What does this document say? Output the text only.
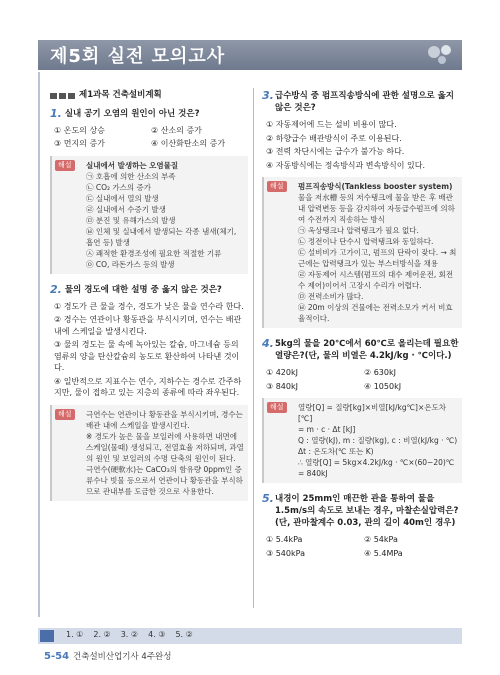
제5회 실전 모의고사
제1과목 건축설비계획
1. 실내 공기 오염의 원인이 아닌 것은?
① 온도의 상승	② 산소의 증가
③ 먼지의 증가	④ 이산화탄소의 증가
해설	실내에서 발생하는 오염물질
㉠ 호흡에 의한 산소의 부족
㉡ CO₂ 가스의 증가
㉢ 실내에서 열의 발생
㉣ 실내에서 수증기 발생
㉤ 분진 및 유해가스의 발생
㉥ 인체 및 실내에서 발생되는 각종 냄새(체기, 흡연 등) 발생
㉦ 쾌적한 환경조성에 필요한 적절한 기류
㉧ CO, 라돈가스 등의 발생
2. 물의 경도에 대한 설명 중 옳지 않은 것은?
① 경도가 큰 물을 경수, 경도가 낮은 물을 연수라 한다.
② 경수는 연관이나 황동관을 부식시키며, 연수는 배관 내에 스케일을 발생시킨다.
③ 물의 경도는 물 속에 녹아있는 칼슘, 마그네슘 등의 염류의 양을 탄산칼슘의 농도로 환산하여 나타낸 것이다.
④ 일반적으로 지표수는 연수, 지하수는 경수로 간주하지만, 물이 접하고 있는 지층의 종류에 따라 좌우된다.
해설	극연수는 연관이나 황동관을 부식시키며, 경수는 배관 내에 스케일을 발생시킨다.
※ 경도가 높은 물을 보일러에 사용하면 내면에 스케일(물때) 생성되고, 전열효율 저하되며, 과열의 원인 및 보일러의 수명 단축의 원인이 된다.
극연수(硬軟水)는 CaCO₃의 함유량 0ppm인 증류수나 빗물 등으로서 연관이나 황동관을 부식하므로 관내부를 도금한 것으로 사용한다.
3. 급수방식 중 펌프직송방식에 관한 설명으로 옳지 않은 것은?
① 자동제어에 드는 설비 비용이 많다.
② 하향급수 배관방식이 주로 이용된다.
③ 전력 차단시에는 급수가 불가능 하다.
④ 자동방식에는 정속방식과 변속방식이 있다.
해설	펌프직송방식(Tankless booster system)
물을 저水槽 등의 저수탱크에 물을 받은 후 배관 내 압력변동 등을 감지하여 자동급수펌프에 의하여 수전까지 직송하는 방식
㉠ 옥상탱크나 압력탱크가 필요 없다.
㉡ 정전이나 단수시 압력탱크와 동일하다.
㉢ 설비비가 고가이고, 펌프의 단락이 잦다. → 최근에는 압력탱크가 있는 부스터방식을 채용
㉣ 자동제어 시스템(펌프의 대수 제어운전, 회전수 제어)이어서 고장시 수리가 어렵다.
㉤ 전력소비가 많다.
㉥ 20m 이상의 건물에는 전력소모가 커서 비효율적이다.
4. 5kg의 물을 20℃에서 60℃로 올리는데 필요한 열량은?(단, 물의 비열은 4.2kJ/kg · ℃이다.)
① 420kJ	② 630kJ
③ 840kJ	④ 1050kJ
해설	열량[Q] = 질량[kg]×비열[kJ/kg℃]×온도차[℃]
= m · c · Δt [kJ]
Q : 열량(kJ), m : 질량(kg), c : 비열(kJ/kg · ℃)
Δt : 온도차(℃ 또는 K)
∴ 열량[Q] = 5kg×4.2kJ/kg · ℃×(60−20)℃
= 840kJ
5. 내경이 25mm인 매끈한 관을 통하여 물을 1.5m/s의 속도로 보내는 경우, 마찰손실압력은?(단, 관마찰계수 0.03, 관의 길이 40m인 경우)
① 5.4kPa	② 54kPa
③ 540kPa	④ 5.4MPa
1. ① 2. ② 3. ② 4. ③ 5. ②
5-54 건축설비산업기사 4주완성
